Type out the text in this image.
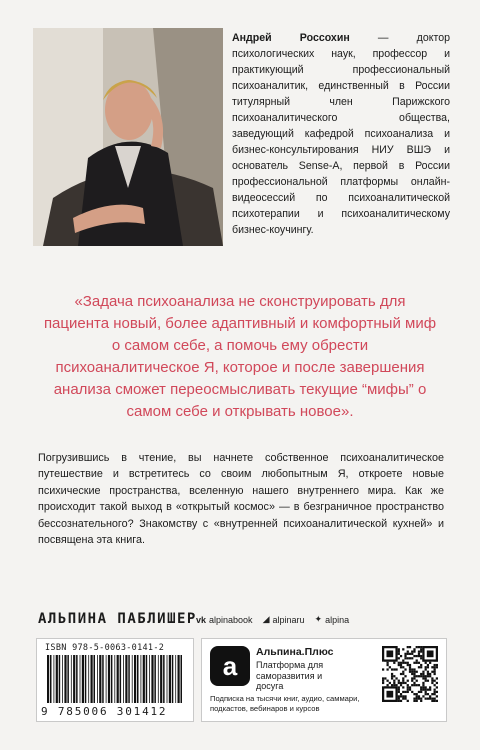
Андрей Россохин — доктор психологических наук, профессор и практикующий профессиональный психоаналитик, единственный в России титулярный член Парижского психоаналитического общества, заведующий кафедрой психоанализа и бизнес-консультирования НИУ ВШЭ и основатель Sense-A, первой в России профессиональной платформы онлайн-видеосессий по психоаналитической психотерапии и психоаналитическому бизнес-коучингу.
«Задача психоанализа не сконструировать для пациента новый, более адаптивный и комфортный миф о самом себе, а помочь ему обрести психоаналитическое Я, которое и после завершения анализа сможет переосмысливать текущие “мифы” о самом себе и открывать новое».
Погрузившись в чтение, вы начнете собственное психоаналитическое путешествие и встретитесь со своим любопытным Я, откроете новые психические пространства, вселенную нашего внутреннего мира. Как же происходит такой выход в «открытый космос» — в безграничное пространство бессознательного? Знакомству с «внутренней психоаналитической кухней» и посвящена эта книга.
АЛЬПИНА ПАБЛИШЕР vk alpinabook ◢ alpinaru ✦ alpina
ISBN 978-5-0063-0141-2
9 785006 301412
a	Альпина.Плюс
Платформа для саморазвития и досуга
Подписка на тысячи книг, аудио, саммари, подкастов, вебинаров и курсов
